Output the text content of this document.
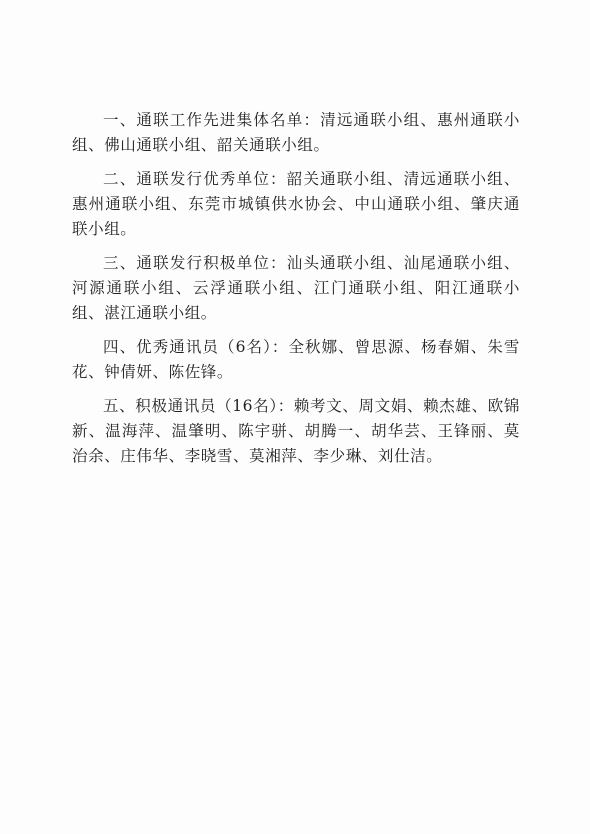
一、通联工作先进集体名单：清远通联小组、惠州通联小组、佛山通联小组、韶关通联小组。

二、通联发行优秀单位：韶关通联小组、清远通联小组、惠州通联小组、东莞市城镇供水协会、中山通联小组、肇庆通联小组。

三、通联发行积极单位：汕头通联小组、汕尾通联小组、河源通联小组、云浮通联小组、江门通联小组、阳江通联小组、湛江通联小组。

四、优秀通讯员（6名）：全秋娜、曾思源、杨春媚、朱雪花、钟倩妍、陈佐锋。

五、积极通讯员（16名）：赖考文、周文娟、赖杰雄、欧锦新、温海萍、温肇明、陈宇骈、胡腾一、胡华芸、王锋丽、莫治余、庄伟华、李晓雪、莫湘萍、李少琳、刘仕洁。
